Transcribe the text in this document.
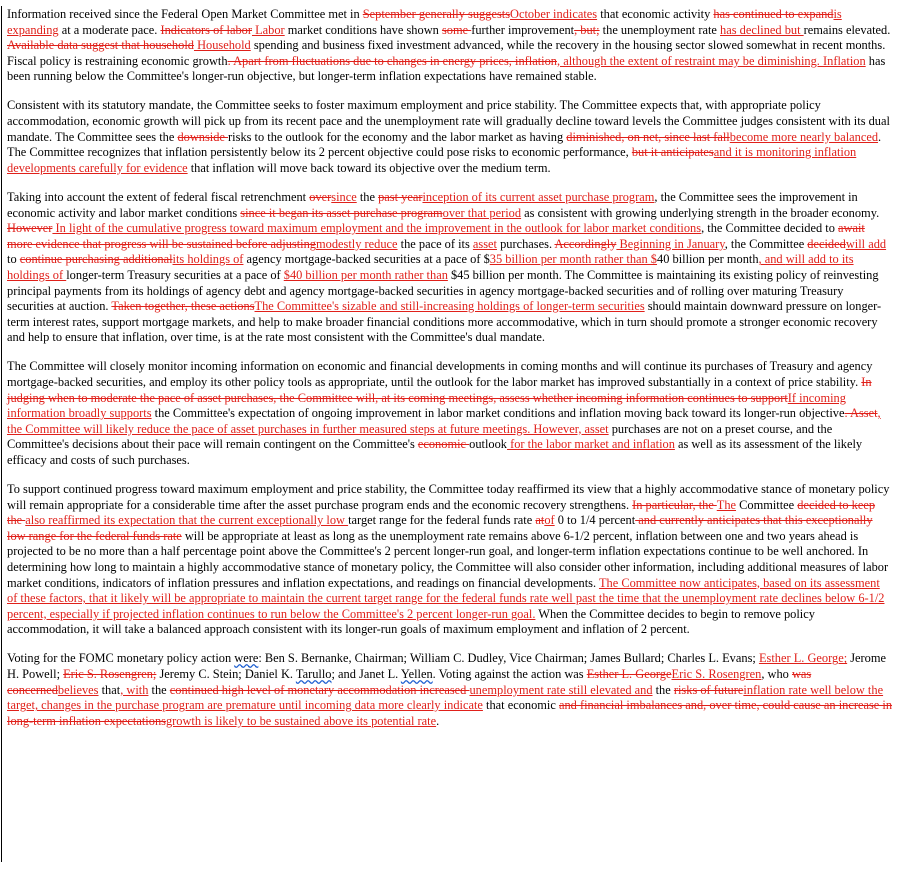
Information received since the Federal Open Market Committee met in September generally suggestsOctober indicates that economic activity has continued to expandis expanding at a moderate pace. Indicators of labor Labor market conditions have shown some further improvement, but; the unemployment rate has declined but remains elevated. Available data suggest that household Household spending and business fixed investment advanced, while the recovery in the housing sector slowed somewhat in recent months. Fiscal policy is restraining economic growth. Apart from fluctuations due to changes in energy prices, inflation, although the extent of restraint may be diminishing. Inflation has been running below the Committee's longer-run objective, but longer-term inflation expectations have remained stable.

Consistent with its statutory mandate, the Committee seeks to foster maximum employment and price stability. The Committee expects that, with appropriate policy accommodation, economic growth will pick up from its recent pace and the unemployment rate will gradually decline toward levels the Committee judges consistent with its dual mandate. The Committee sees the downside risks to the outlook for the economy and the labor market as having diminished, on net, since last fallbecome more nearly balanced. The Committee recognizes that inflation persistently below its 2 percent objective could pose risks to economic performance, but it anticipatesand it is monitoring inflation developments carefully for evidence that inflation will move back toward its objective over the medium term.

Taking into account the extent of federal fiscal retrenchment oversince the past yearinception of its current asset purchase program, the Committee sees the improvement in economic activity and labor market conditions since it began its asset purchase programover that period as consistent with growing underlying strength in the broader economy. However In light of the cumulative progress toward maximum employment and the improvement in the outlook for labor market conditions, the Committee decided to await more evidence that progress will be sustained before adjustingmodestly reduce the pace of its asset purchases. Accordingly Beginning in January, the Committee decidedwill add to continue purchasing additionalits holdings of agency mortgage-backed securities at a pace of $35 billion per month rather than $40 billion per month, and will add to its holdings of longer-term Treasury securities at a pace of $40 billion per month rather than $45 billion per month. The Committee is maintaining its existing policy of reinvesting principal payments from its holdings of agency debt and agency mortgage-backed securities in agency mortgage-backed securities and of rolling over maturing Treasury securities at auction. Taken together, these actionsThe Committee's sizable and still-increasing holdings of longer-term securities should maintain downward pressure on longer-term interest rates, support mortgage markets, and help to make broader financial conditions more accommodative, which in turn should promote a stronger economic recovery and help to ensure that inflation, over time, is at the rate most consistent with the Committee's dual mandate.

The Committee will closely monitor incoming information on economic and financial developments in coming months and will continue its purchases of Treasury and agency mortgage-backed securities, and employ its other policy tools as appropriate, until the outlook for the labor market has improved substantially in a context of price stability. In judging when to moderate the pace of asset purchases, the Committee will, at its coming meetings, assess whether incoming information continues to supportIf incoming information broadly supports the Committee's expectation of ongoing improvement in labor market conditions and inflation moving back toward its longer-run objective. Asset, the Committee will likely reduce the pace of asset purchases in further measured steps at future meetings. However, asset purchases are not on a preset course, and the Committee's decisions about their pace will remain contingent on the Committee's economic outlook for the labor market and inflation as well as its assessment of the likely efficacy and costs of such purchases.

To support continued progress toward maximum employment and price stability, the Committee today reaffirmed its view that a highly accommodative stance of monetary policy will remain appropriate for a considerable time after the asset purchase program ends and the economic recovery strengthens. In particular, the The Committee decided to keep the also reaffirmed its expectation that the current exceptionally low target range for the federal funds rate atof 0 to 1/4 percent and currently anticipates that this exceptionally low range for the federal funds rate will be appropriate at least as long as the unemployment rate remains above 6-1/2 percent, inflation between one and two years ahead is projected to be no more than a half percentage point above the Committee's 2 percent longer-run goal, and longer-term inflation expectations continue to be well anchored. In determining how long to maintain a highly accommodative stance of monetary policy, the Committee will also consider other information, including additional measures of labor market conditions, indicators of inflation pressures and inflation expectations, and readings on financial developments. The Committee now anticipates, based on its assessment of these factors, that it likely will be appropriate to maintain the current target range for the federal funds rate well past the time that the unemployment rate declines below 6-1/2 percent, especially if projected inflation continues to run below the Committee's 2 percent longer-run goal. When the Committee decides to begin to remove policy accommodation, it will take a balanced approach consistent with its longer-run goals of maximum employment and inflation of 2 percent.

Voting for the FOMC monetary policy action were: Ben S. Bernanke, Chairman; William C. Dudley, Vice Chairman; James Bullard; Charles L. Evans; Esther L. George; Jerome H. Powell; Eric S. Rosengren; Jeremy C. Stein; Daniel K. Tarullo; and Janet L. Yellen. Voting against the action was Esther L. GeorgeEric S. Rosengren, who was concernedbelieves that, with the continued high level of monetary accommodation increased unemployment rate still elevated and the risks of futureinflation rate well below the target, changes in the purchase program are premature until incoming data more clearly indicate that economic and financial imbalances and, over time, could cause an increase in long-term inflation expectationsgrowth is likely to be sustained above its potential rate.
